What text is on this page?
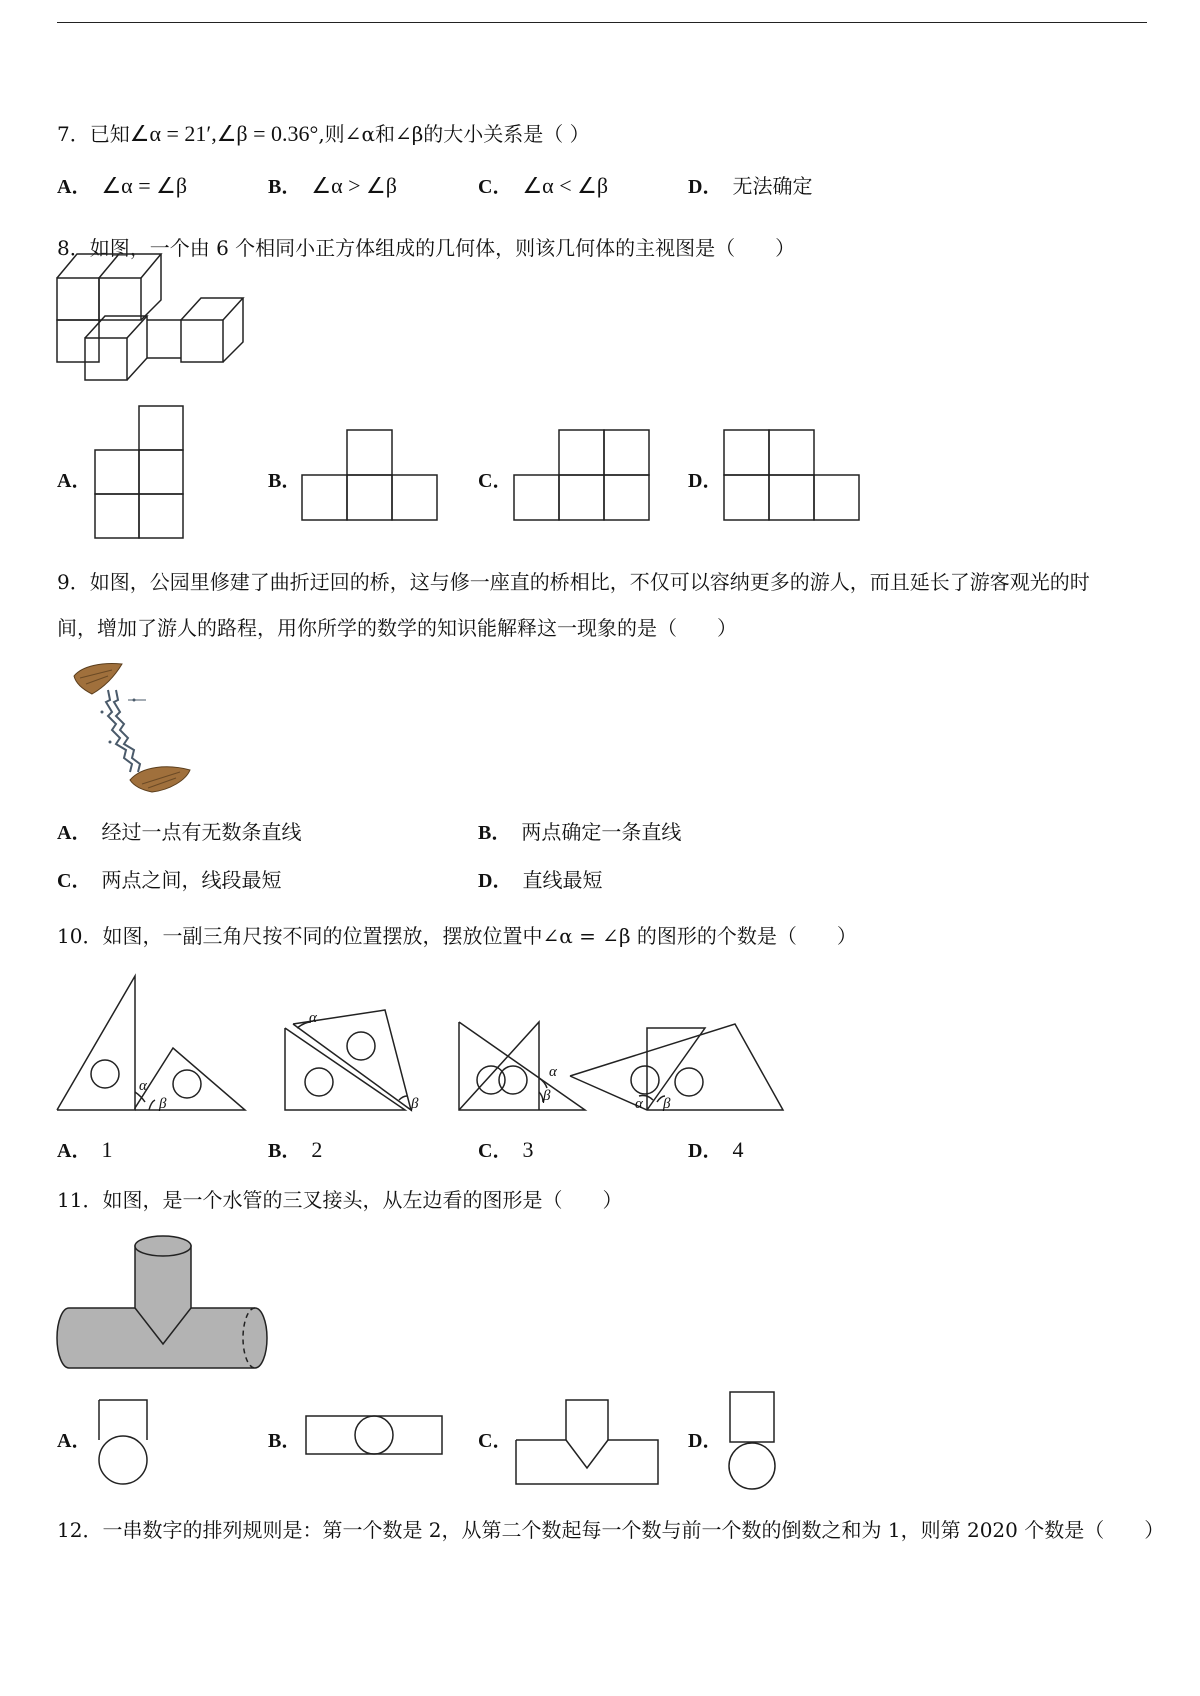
7．已知∠α = 21′,∠β = 0.36°,则∠α和∠β的大小关系是（ ）
A． ∠α = ∠β	B． ∠α > ∠β	C． ∠α < ∠β	D． 无法确定
8．如图，一个由 6 个相同小正方体组成的几何体，则该几何体的主视图是（　　）
A．	B．	C．	D．
9．如图，公园里修建了曲折迂回的桥，这与修一座直的桥相比，不仅可以容纳更多的游人，而且延长了游客观光的时
间，增加了游人的路程，用你所学的数学的知识能解释这一现象的是（　　）
A． 经过一点有无数条直线	B． 两点确定一条直线
C． 两点之间，线段最短	D． 直线最短
10．如图，一副三角尺按不同的位置摆放，摆放位置中∠α = ∠β 的图形的个数是（　　）
α
β
α
β
α
β	α β
A． 1	B． 2	C． 3	D． 4
11．如图，是一个水管的三叉接头，从左边看的图形是（　　）
A．	B．	C．	D．
12．一串数字的排列规则是：第一个数是 2，从第二个数起每一个数与前一个数的倒数之和为 1，则第 2020 个数是（　　）
